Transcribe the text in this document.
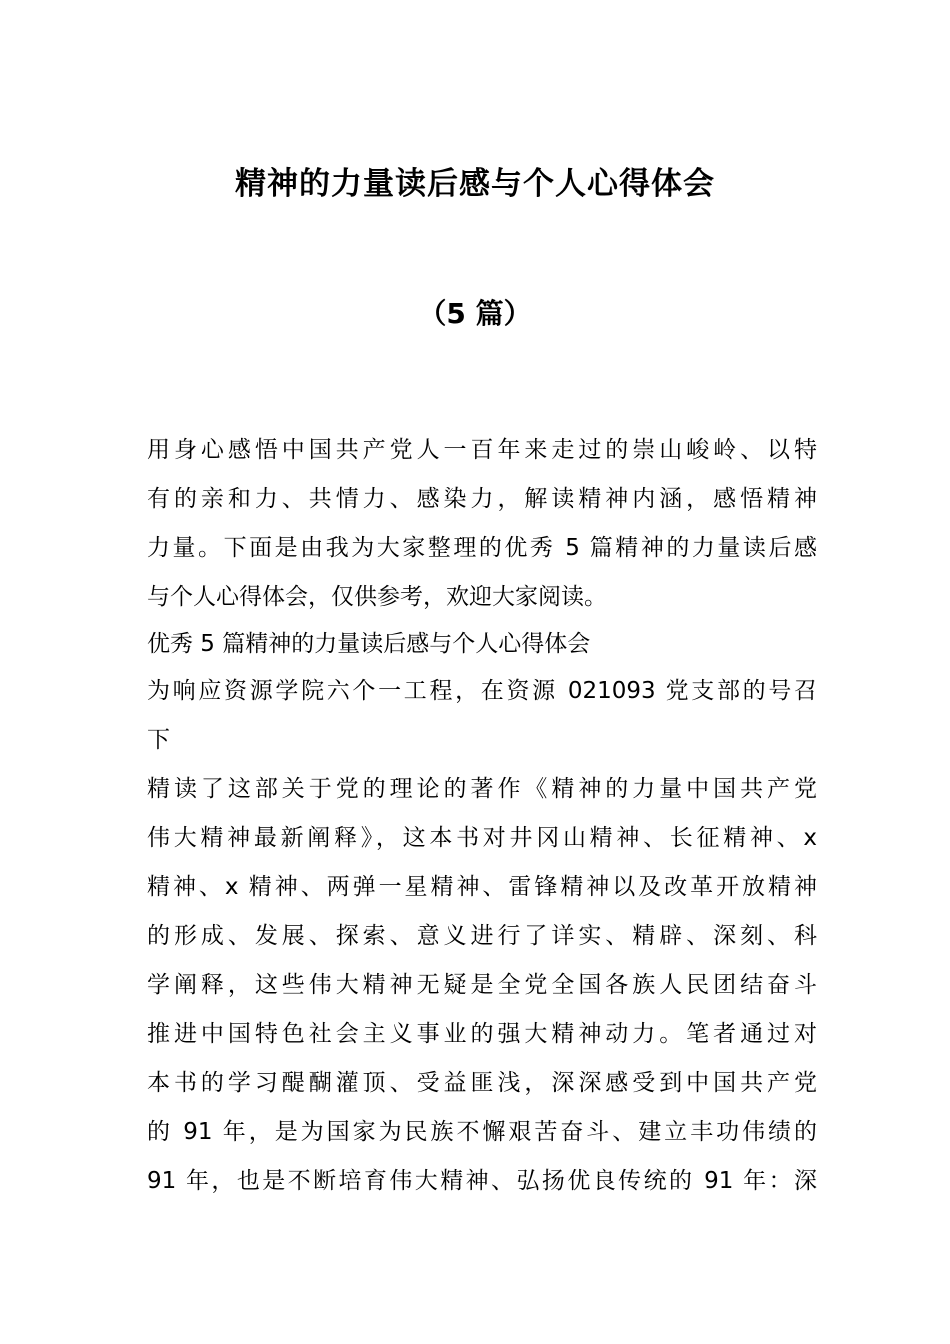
精神的力量读后感与个人心得体会
（5 篇）
用身心感悟中国共产党人一百年来走过的崇山峻岭、以特
有的亲和力、共情力、感染力，解读精神内涵，感悟精神
力量。下面是由我为大家整理的优秀 5 篇精神的力量读后感
与个人心得体会，仅供参考，欢迎大家阅读。
优秀 5 篇精神的力量读后感与个人心得体会
为响应资源学院六个一工程，在资源 021093 党支部的号召
下
精读了这部关于党的理论的著作《精神的力量中国共产党
伟大精神最新阐释》，这本书对井冈山精神、长征精神、x
精神、x 精神、两弹一星精神、雷锋精神以及改革开放精神
的形成、发展、探索、意义进行了详实、精辟、深刻、科
学阐释，这些伟大精神无疑是全党全国各族人民团结奋斗
推进中国特色社会主义事业的强大精神动力。笔者通过对
本书的学习醍醐灌顶、受益匪浅，深深感受到中国共产党
的 91 年，是为国家为民族不懈艰苦奋斗、建立丰功伟绩的
91 年，也是不断培育伟大精神、弘扬优良传统的 91 年：深
